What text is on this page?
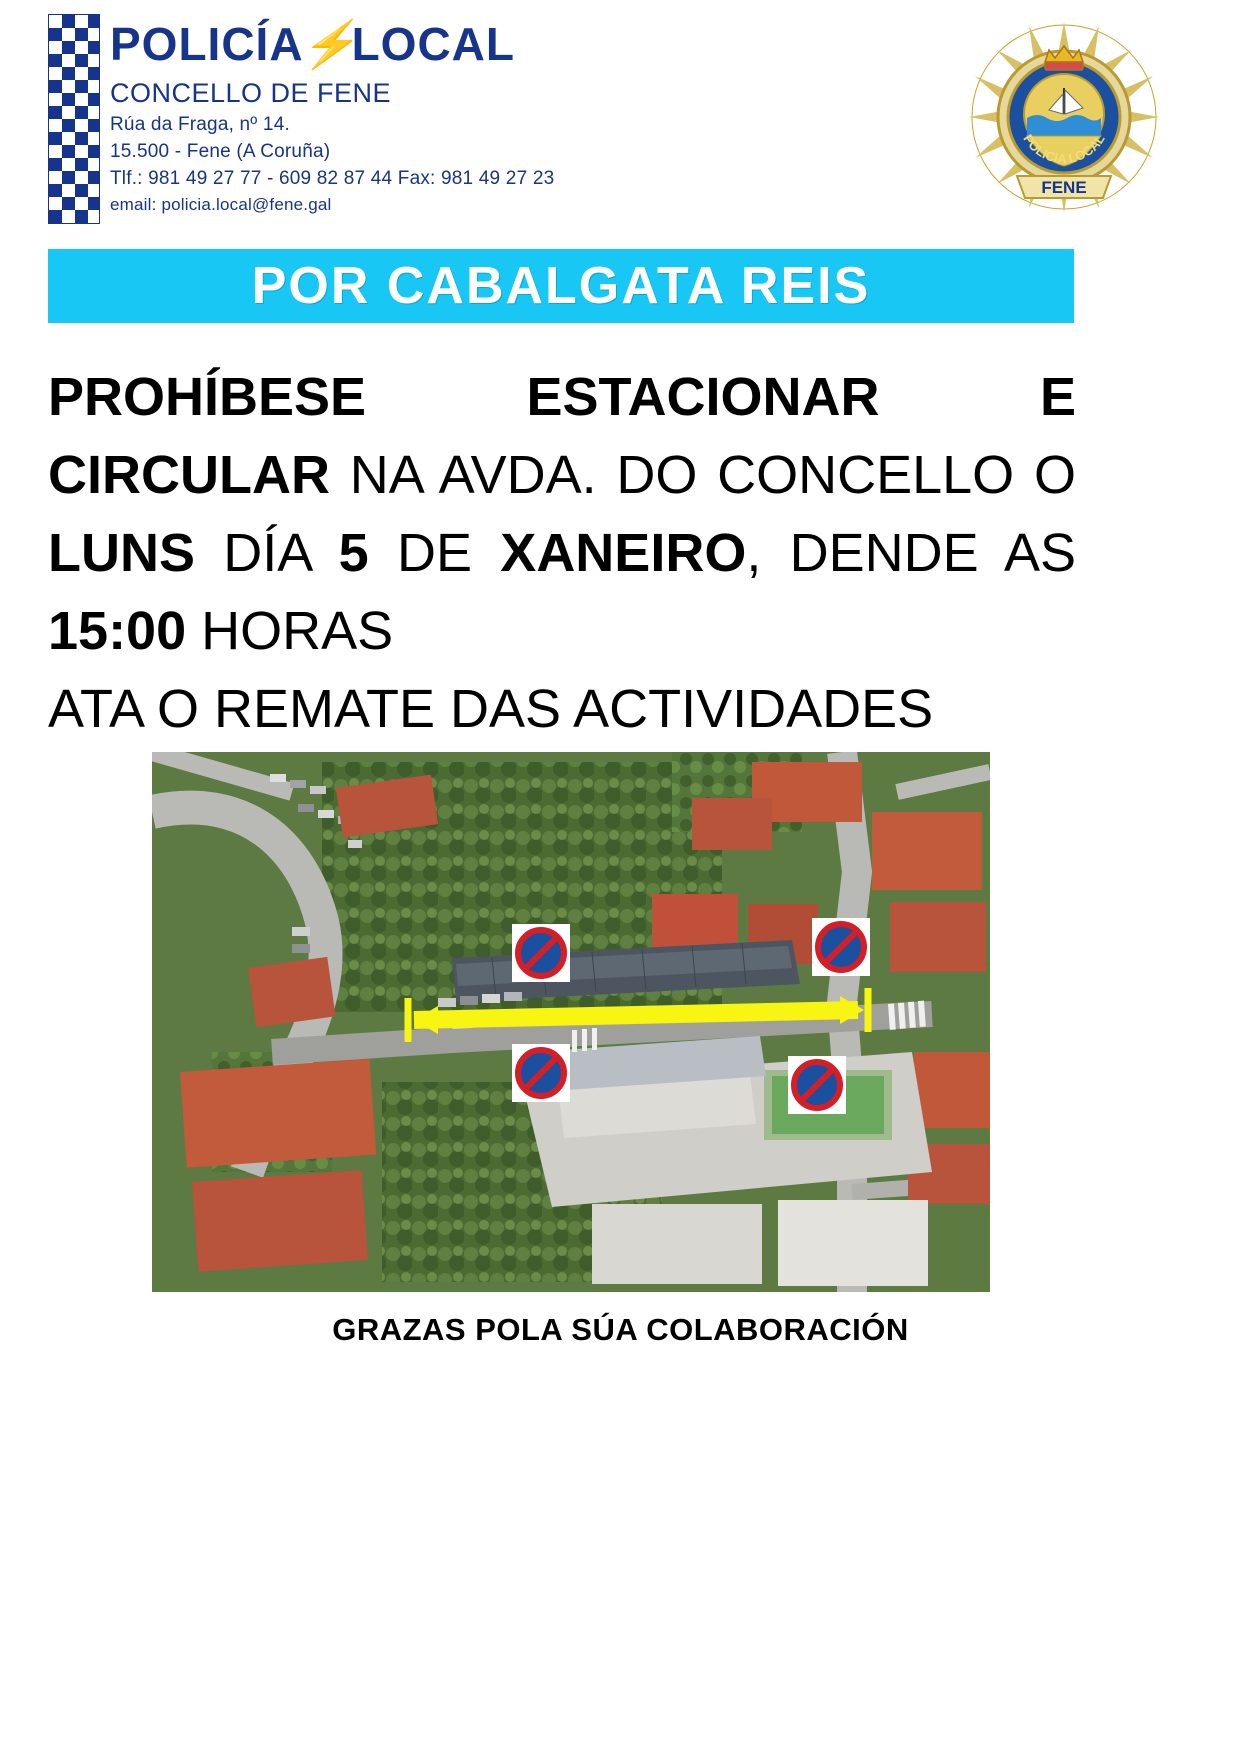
POLICÍA⚡LOCAL
CONCELLO DE FENE
Rúa da Fraga, nº 14.
15.500 - Fene (A Coruña)
Tlf.: 981 49 27 77 - 609 82 87 44 Fax: 981 49 27 23
email: policia.local@fene.gal
POLICIA LOCAL
FENE
POR CABALGATA REIS
PROHÍBESE	ESTACIONAR	E CIRCULAR NA AVDA. DO CONCELLO O LUNS DÍA 5 DE XANEIRO, DENDE AS 15:00 HORAS
ATA O REMATE DAS ACTIVIDADES
GRAZAS POLA SÚA COLABORACIÓN
